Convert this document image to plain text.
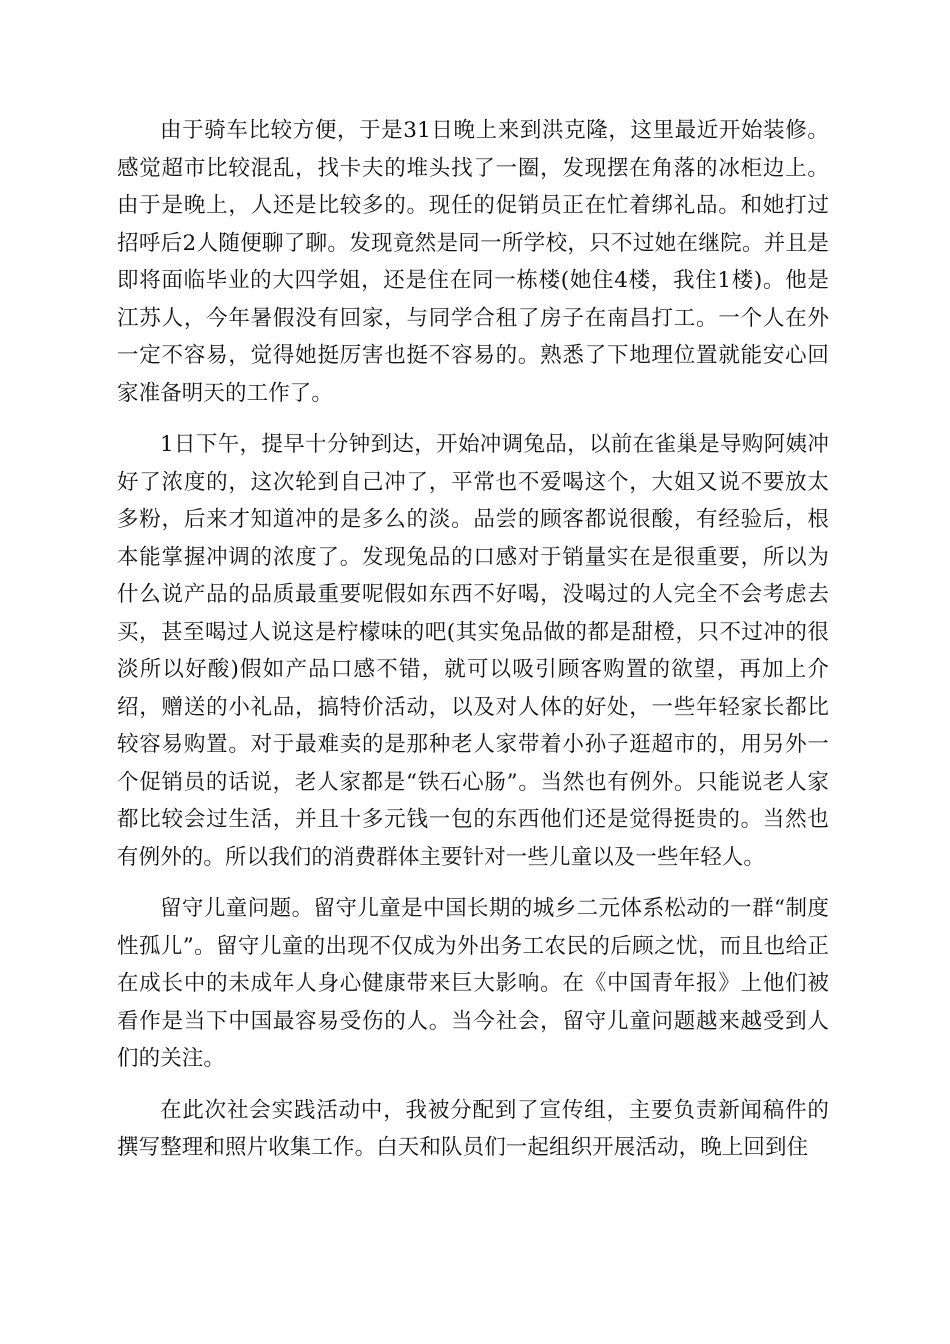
由于骑车比较方便，于是31日晚上来到洪克隆，这里最近开始装修。感觉超市比较混乱，找卡夫的堆头找了一圈，发现摆在角落的冰柜边上。由于是晚上，人还是比较多的。现任的促销员正在忙着绑礼品。和她打过招呼后2人随便聊了聊。发现竟然是同一所学校，只不过她在继院。并且是即将面临毕业的大四学姐，还是住在同一栋楼(她住4楼，我住1楼)。他是江苏人，今年暑假没有回家，与同学合租了房子在南昌打工。一个人在外一定不容易，觉得她挺厉害也挺不容易的。熟悉了下地理位置就能安心回家准备明天的工作了。

1日下午，提早十分钟到达，开始冲调兔品，以前在雀巢是导购阿姨冲好了浓度的，这次轮到自己冲了，平常也不爱喝这个，大姐又说不要放太多粉，后来才知道冲的是多么的淡。品尝的顾客都说很酸，有经验后，根本能掌握冲调的浓度了。发现兔品的口感对于销量实在是很重要，所以为什么说产品的品质最重要呢假如东西不好喝，没喝过的人完全不会考虑去买，甚至喝过人说这是柠檬味的吧(其实兔品做的都是甜橙，只不过冲的很淡所以好酸)假如产品口感不错，就可以吸引顾客购置的欲望，再加上介绍，赠送的小礼品，搞特价活动，以及对人体的好处，一些年轻家长都比较容易购置。对于最难卖的是那种老人家带着小孙子逛超市的，用另外一个促销员的话说，老人家都是“铁石心肠”。当然也有例外。只能说老人家都比较会过生活，并且十多元钱一包的东西他们还是觉得挺贵的。当然也有例外的。所以我们的消费群体主要针对一些儿童以及一些年轻人。

留守儿童问题。留守儿童是中国长期的城乡二元体系松动的一群“制度性孤儿”。留守儿童的出现不仅成为外出务工农民的后顾之忧，而且也给正在成长中的未成年人身心健康带来巨大影响。在《中国青年报》上他们被看作是当下中国最容易受伤的人。当今社会，留守儿童问题越来越受到人们的关注。

在此次社会实践活动中，我被分配到了宣传组，主要负责新闻稿件的撰写整理和照片收集工作。白天和队员们一起组织开展活动，晚上回到住
